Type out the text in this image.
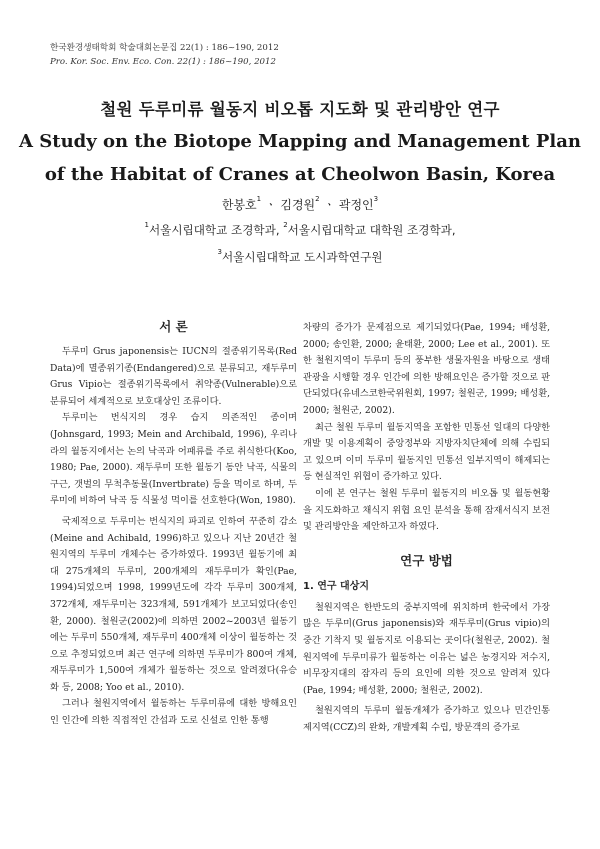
한국환경생태학회 학술대회논문집 22(1) : 186~190, 2012
Pro. Kor. Soc. Env. Eco. Con. 22(1) : 186~190, 2012
철원 두루미류 월동지 비오톱 지도화 및 관리방안 연구
A Study on the Biotope Mapping and Management Plan
of the Habitat of Cranes at Cheolwon Basin, Korea
한봉호$^1$ ㆍ 김경원$^2$ ㆍ 곽정인$^3$
$^1$서울시립대학교 조경학과, $^2$서울시립대학교 대학원 조경학과,
$^3$서울시립대학교 도시과학연구원
서 론

두루미 Grus japonensis는 IUCN의 절종위기목록(Red Data)에 멸종위기종(Endangered)으로 분류되고, 재두루미 Grus Vipio는 절종위기목록에서 취약종(Vulnerable)으로 분류되어 세계적으로 보호대상인 조류이다.

두루미는 번식지의 경우 습지 의존적인 종이며(Johnsgard, 1993; Mein and Archibald, 1996), 우리나라의 월동지에서는 논의 낙곡과 어패류를 주로 취식한다(Koo, 1980; Pae, 2000). 재두루미 또한 월동기 동안 낙곡, 식물의 구근, 갯벌의 무척추동물(Invertbrate) 등을 먹이로 하며, 두루미에 비하여 낙곡 등 식물성 먹이를 선호한다(Won, 1980).

국제적으로 두루미는 번식지의 파괴로 인하여 꾸준히 감소(Meine and Achibald, 1996)하고 있으나 지난 20년간 철원지역의 두루미 개체수는 증가하였다. 1993년 월동기에 최대 275개체의 두루미, 200개체의 재두루미가 확인(Pae, 1994)되었으며 1998, 1999년도에 각각 두루미 300개체, 372개체, 재두루미는 323개체, 591개체가 보고되었다(송인환, 2000). 철원군(2002)에 의하면 2002~2003년 월동기에는 두루미 550개체, 재두루미 400개체 이상이 월동하는 것으로 추정되었으며 최근 연구에 의하면 두루미가 800여 개체, 재두루미가 1,500여 개체가 월동하는 것으로 알려졌다(유승화 등, 2008; Yoo et al., 2010).

그러나 철원지역에서 월동하는 두루미류에 대한 방해요인인 인간에 의한 직접적인 간섭과 도로 신설로 인한 통행

차량의 증가가 문제점으로 제기되었다(Pae, 1994; 배성환, 2000; 송인환, 2000; 윤태환, 2000; Lee et al., 2001). 또한 철원지역이 두루미 등의 풍부한 생물자원을 바탕으로 생태관광을 시행할 경우 인간에 의한 방해요인은 증가할 것으로 판단되었다(유네스코한국위원회, 1997; 철원군, 1999; 배성환, 2000; 철원군, 2002).

최근 철원 두루미 월동지역을 포함한 민통선 일대의 다양한 개발 및 이용계획이 중앙정부와 지방자치단체에 의해 수립되고 있으며 이미 두루미 월동지인 민통선 일부지역이 해제되는 등 현실적인 위협이 증가하고 있다.

이에 본 연구는 철원 두루미 월동지의 비오톱 및 월동현황을 지도화하고 채식지 위협 요인 분석을 통해 잠재서식지 보전 및 관리방안을 제안하고자 하였다.

연구 방법
1. 연구 대상지

철원지역은 한반도의 중부지역에 위치하며 한국에서 가장 많은 두루미(Grus japonensis)와 재두루미(Grus vipio)의 중간 기착지 및 월동지로 이용되는 곳이다(철원군, 2002). 철원지역에 두루미류가 월동하는 이유는 넓은 농경지와 저수지, 비무장지대의 잠자리 등의 요인에 의한 것으로 알려져 있다(Pae, 1994; 배성환, 2000; 철원군, 2002).

철원지역의 두루미 월동개체가 증가하고 있으나 민간인통제지역(CCZ)의 완화, 개발계획 수립, 방문객의 증가로
